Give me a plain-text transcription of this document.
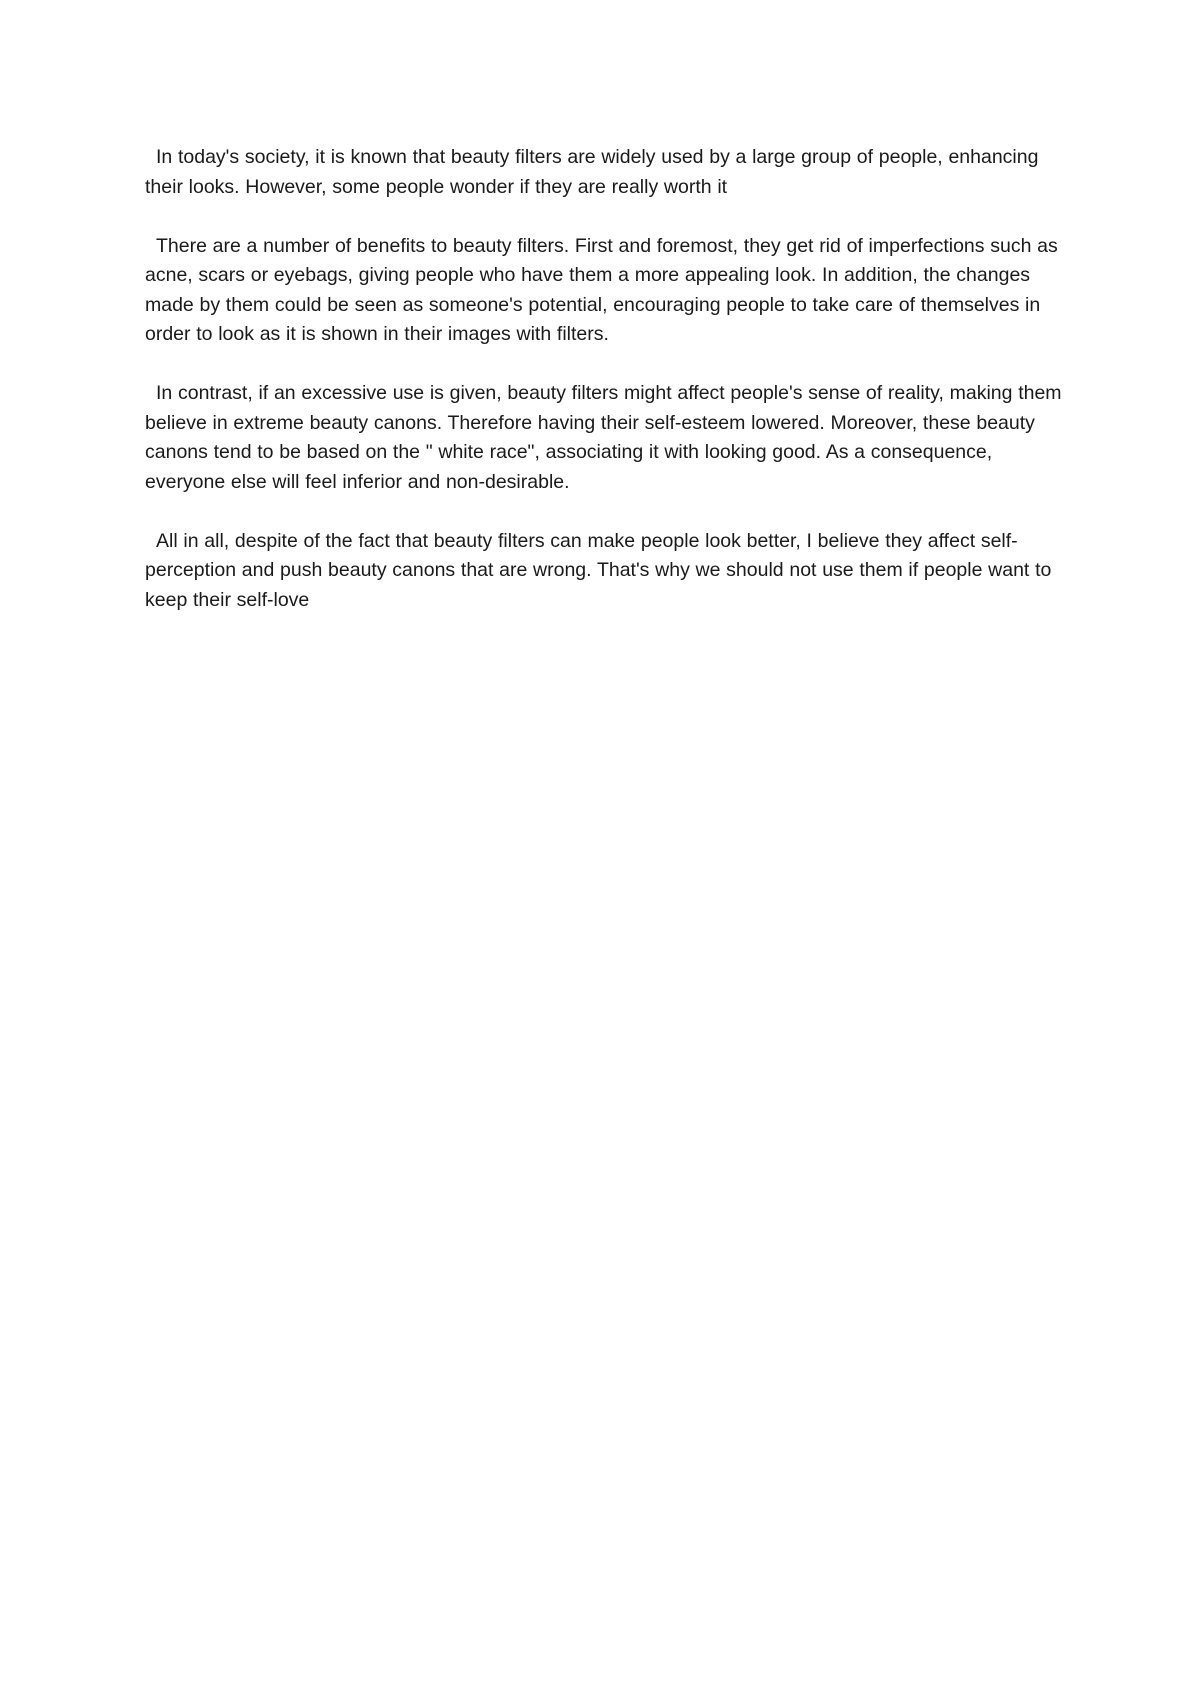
In today's society, it is known that beauty filters are widely used by a large group of people, enhancing their looks. However, some people wonder if they are really worth it

There are a number of benefits to beauty filters. First and foremost, they get rid of imperfections such as acne, scars or eyebags, giving people who have them a more appealing look. In addition, the changes made by them could be seen as someone's potential, encouraging people to take care of themselves in order to look as it is shown in their images with filters.

In contrast, if an excessive use is given, beauty filters might affect people's sense of reality, making them believe in extreme beauty canons. Therefore having their self-esteem lowered. Moreover, these beauty canons tend to be based on the " white race", associating it with looking good. As a consequence, everyone else will feel inferior and non-desirable.

All in all, despite of the fact that beauty filters can make people look better, I believe they affect self-perception and push beauty canons that are wrong. That's why we should not use them if people want to keep their self-love
